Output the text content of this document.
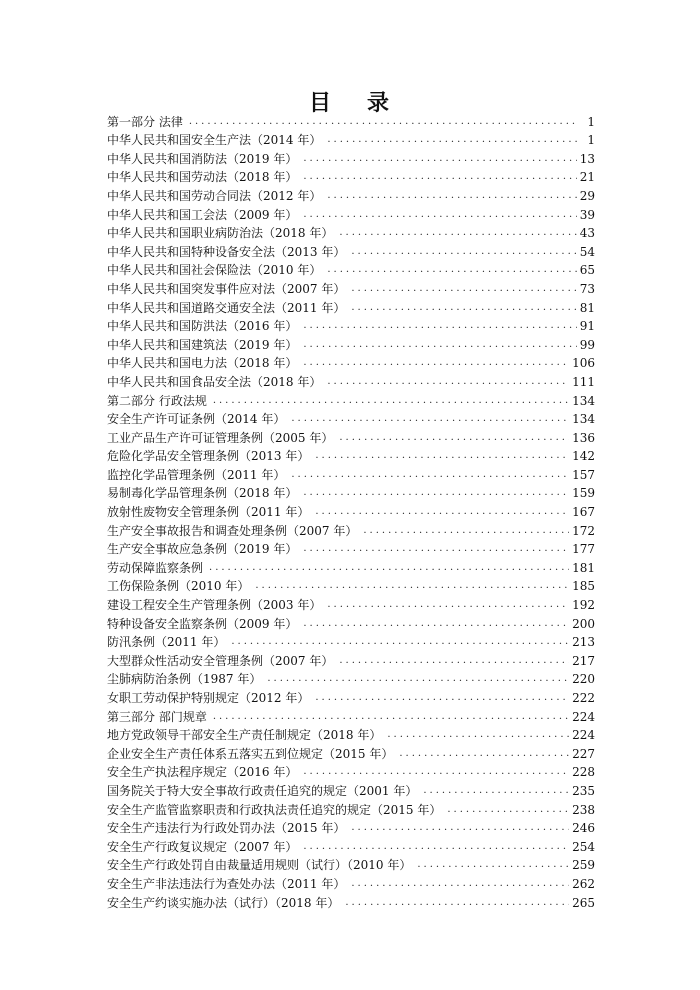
目 录
第一部分 法律 .....	1
中华人民共和国安全生产法（2014 年） .....	1
中华人民共和国消防法（2019 年） .....	13
中华人民共和国劳动法（2018 年） .....	21
中华人民共和国劳动合同法（2012 年） .....	29
中华人民共和国工会法（2009 年） .....	39
中华人民共和国职业病防治法（2018 年） .....	43
中华人民共和国特种设备安全法（2013 年） .....	54
中华人民共和国社会保险法（2010 年） .....	65
中华人民共和国突发事件应对法（2007 年） .....	73
中华人民共和国道路交通安全法（2011 年） .....	81
中华人民共和国防洪法（2016 年） .....	91
中华人民共和国建筑法（2019 年） .....	99
中华人民共和国电力法（2018 年） .....	106
中华人民共和国食品安全法（2018 年） .....	111
第二部分 行政法规 .....	134
安全生产许可证条例（2014 年） .....	134
工业产品生产许可证管理条例（2005 年） .....	136
危险化学品安全管理条例（2013 年） .....	142
监控化学品管理条例（2011 年） .....	157
易制毒化学品管理条例（2018 年） .....	159
放射性废物安全管理条例（2011 年） .....	167
生产安全事故报告和调查处理条例（2007 年） .....	172
生产安全事故应急条例（2019 年） .....	177
劳动保障监察条例 .....	181
工伤保险条例（2010 年） .....	185
建设工程安全生产管理条例（2003 年） .....	192
特种设备安全监察条例（2009 年） .....	200
防汛条例（2011 年） .....	213
大型群众性活动安全管理条例（2007 年） .....	217
尘肺病防治条例（1987 年） .....	220
女职工劳动保护特别规定（2012 年） .....	222
第三部分 部门规章 .....	224
地方党政领导干部安全生产责任制规定（2018 年） .....	224
企业安全生产责任体系五落实五到位规定（2015 年） .....	227
安全生产执法程序规定（2016 年） .....	228
国务院关于特大安全事故行政责任追究的规定（2001 年） .....	235
安全生产监管监察职责和行政执法责任追究的规定（2015 年） .....	238
安全生产违法行为行政处罚办法（2015 年） .....	246
安全生产行政复议规定（2007 年） .....	254
安全生产行政处罚自由裁量适用规则（试行）（2010 年） .....	259
安全生产非法违法行为查处办法（2011 年） .....	262
安全生产约谈实施办法（试行）（2018 年） .....	265
